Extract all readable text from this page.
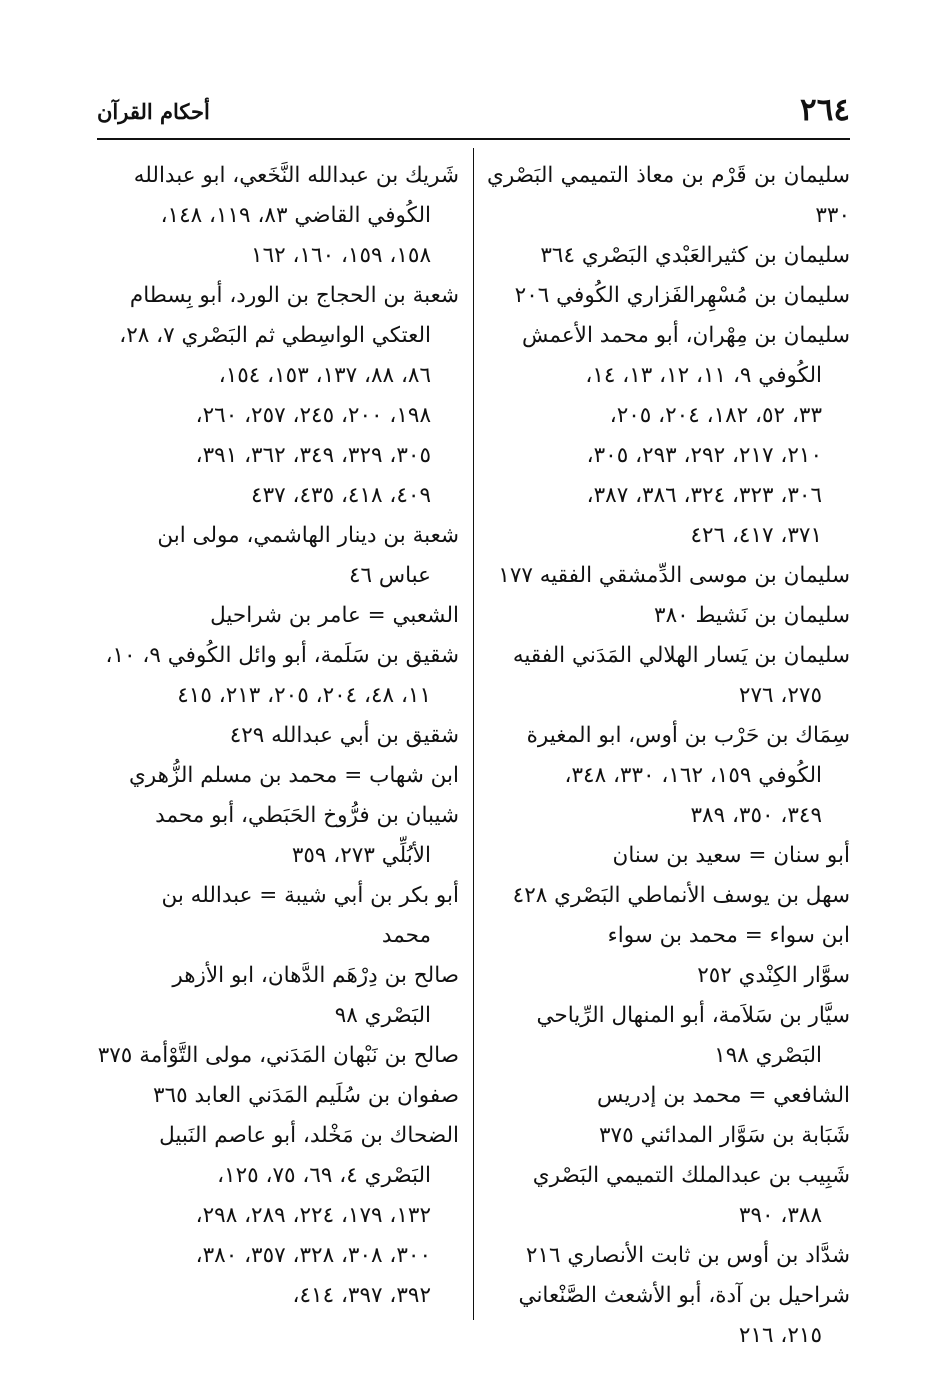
أحكام القرآن	٢٦٤
سليمان بن قَرْم بن معاذ التميمي البَصْري ٣٣٠
سليمان بن كثيرالعَبْدي البَصْري ٣٦٤
سليمان بن مُسْهِرالفَزاري الكُوفي ٢٠٦
سليمان بن مِهْران، أبو محمد الأعمش
الكُوفي ٩، ١١، ١٢، ١٣، ١٤،
٣٣، ٥٢، ١٨٢، ٢٠٤، ٢٠٥،
٢١٠، ٢١٧، ٢٩٢، ٢٩٣، ٣٠٥،
٣٠٦، ٣٢٣، ٣٢٤، ٣٨٦، ٣٨٧،
٣٧١، ٤١٧، ٤٢٦
سليمان بن موسى الدِّمشقي الفقيه ١٧٧
سليمان بن نَشيط ٣٨٠
سليمان بن يَسار الهلالي المَدَني الفقيه
٢٧٥، ٢٧٦
سِمَاك بن حَرْب بن أوس، ابو المغيرة
الكُوفي ١٥٩، ١٦٢، ٣٣٠، ٣٤٨،
٣٤٩، ٣٥٠، ٣٨٩
أبو سنان = سعيد بن سنان
سهل بن يوسف الأنماطي البَصْري ٤٢٨
ابن سواء = محمد بن سواء
سوَّار الكِنْدي ٢٥٢
سيَّار بن سَلاَمة، أبو المنهال الرِّياحي
البَصْري ١٩٨
الشافعي = محمد بن إدريس
شَبَابة بن سَوَّار المدائني ٣٧٥
شَبِيب بن عبدالملك التميمي البَصْري
٣٨٨، ٣٩٠
شدَّاد بن أوس بن ثابت الأنصاري ٢١٦
شراحيل بن آدة، أبو الأشعث الصَّنْعاني
٢١٥، ٢١٦
شَريك بن عبدالله النَّخَعي، ابو عبدالله
الكُوفي القاضي ٨٣، ١١٩، ١٤٨،
١٥٨، ١٥٩، ١٦٠، ١٦٢
شعبة بن الحجاج بن الورد، أبو بِسطام
العتكي الواسِطي ثم البَصْري ٧، ٢٨،
٨٦، ٨٨، ١٣٧، ١٥٣، ١٥٤،
١٩٨، ٢٠٠، ٢٤٥، ٢٥٧، ٢٦٠،
٣٠٥، ٣٢٩، ٣٤٩، ٣٦٢، ٣٩١،
٤٠٩، ٤١٨، ٤٣٥، ٤٣٧
شعبة بن دينار الهاشمي، مولى ابن
عباس ٤٦
الشعبي = عامر بن شراحيل
شقيق بن سَلَمة، أبو وائل الكُوفي ٩، ١٠،
١١، ٤٨، ٢٠٤، ٢٠٥، ٢١٣، ٤١٥
شقيق بن أبي عبدالله ٤٢٩
ابن شهاب = محمد بن مسلم الزُّهري
شيبان بن فرُّوخ الحَبَطي، أبو محمد
الأبُلِّي ٢٧٣، ٣٥٩
أبو بكر بن أبي شيبة = عبدالله بن
محمد
صالح بن دِرْهَم الدَّهان، ابو الأزهر
البَصْري ٩٨
صالح بن نَبْهان المَدَني، مولى التَّوْأمة ٣٧٥
صفوان بن سُلَيم المَدَني العابد ٣٦٥
الضحاك بن مَخْلد، أبو عاصم النَبيل
البَصْري ٤، ٦٩، ٧٥، ١٢٥،
١٣٢، ١٧٩، ٢٢٤، ٢٨٩، ٢٩٨،
٣٠٠، ٣٠٨، ٣٢٨، ٣٥٧، ٣٨٠،
٣٩٢، ٣٩٧، ٤١٤،
